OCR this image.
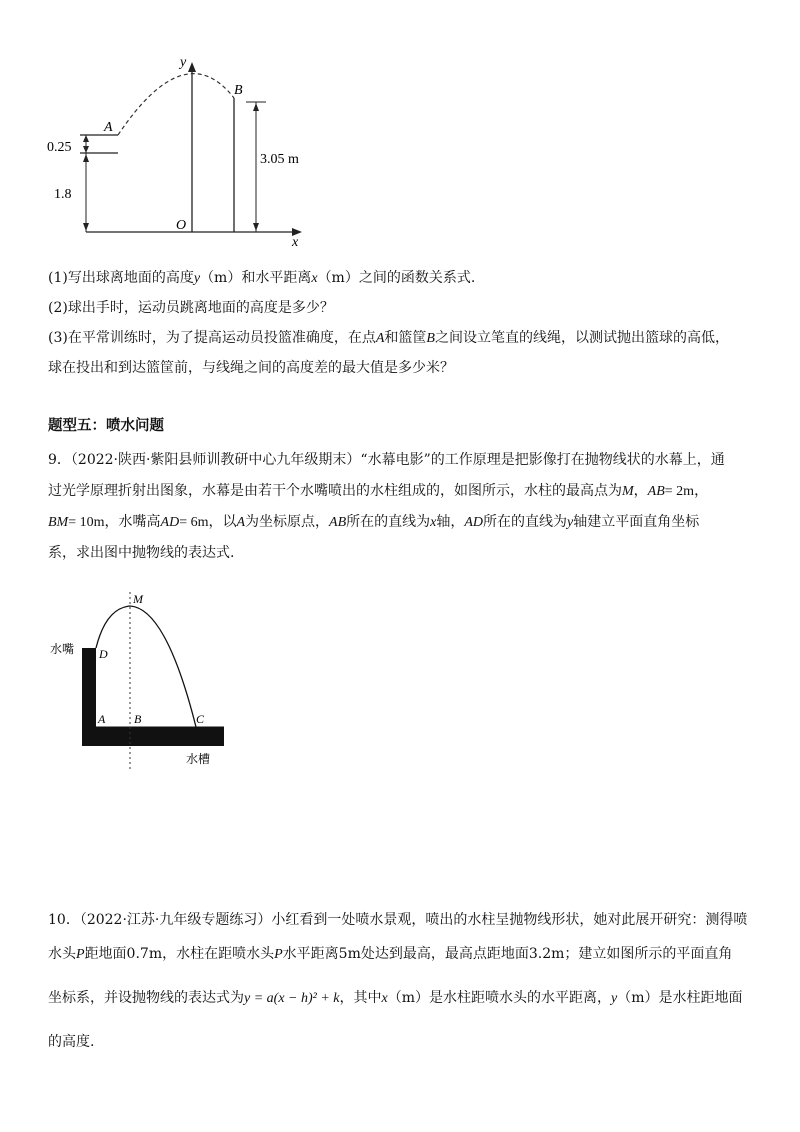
y
x
O
A
B
0.25
1.8
3.05 m
(1)写出球离地面的高度y（m）和水平距离x（m）之间的函数关系式.
(2)球出手时，运动员跳离地面的高度是多少？
(3)在平常训练时，为了提高运动员投篮准确度，在点A和篮筐B之间设立笔直的线绳，以测试抛出篮球的高低，
球在投出和到达篮筐前，与线绳之间的高度差的最大值是多少米？
题型五：喷水问题
9．（2022·陕西·紫阳县师训教研中心九年级期末）“水幕电影”的工作原理是把影像打在抛物线状的水幕上，通
过光学原理折射出图象，水幕是由若干个水嘴喷出的水柱组成的，如图所示，水柱的最高点为M，AB= 2m，
BM= 10m，水嘴高AD= 6m，以A为坐标原点，AB所在的直线为x轴，AD所在的直线为y轴建立平面直角坐标
系，求出图中抛物线的表达式.
M
D
A B	C
水嘴
水槽
10．（2022·江苏·九年级专题练习）小红看到一处喷水景观，喷出的水柱呈抛物线形状，她对此展开研究：测得喷
水头P距地面0.7m，水柱在距喷水头P水平距离5m处达到最高，最高点距地面3.2m；建立如图所示的平面直角
坐标系，并设抛物线的表达式为y = a(x − h)² + k，其中x（m）是水柱距喷水头的水平距离，y（m）是水柱距地面
的高度.
